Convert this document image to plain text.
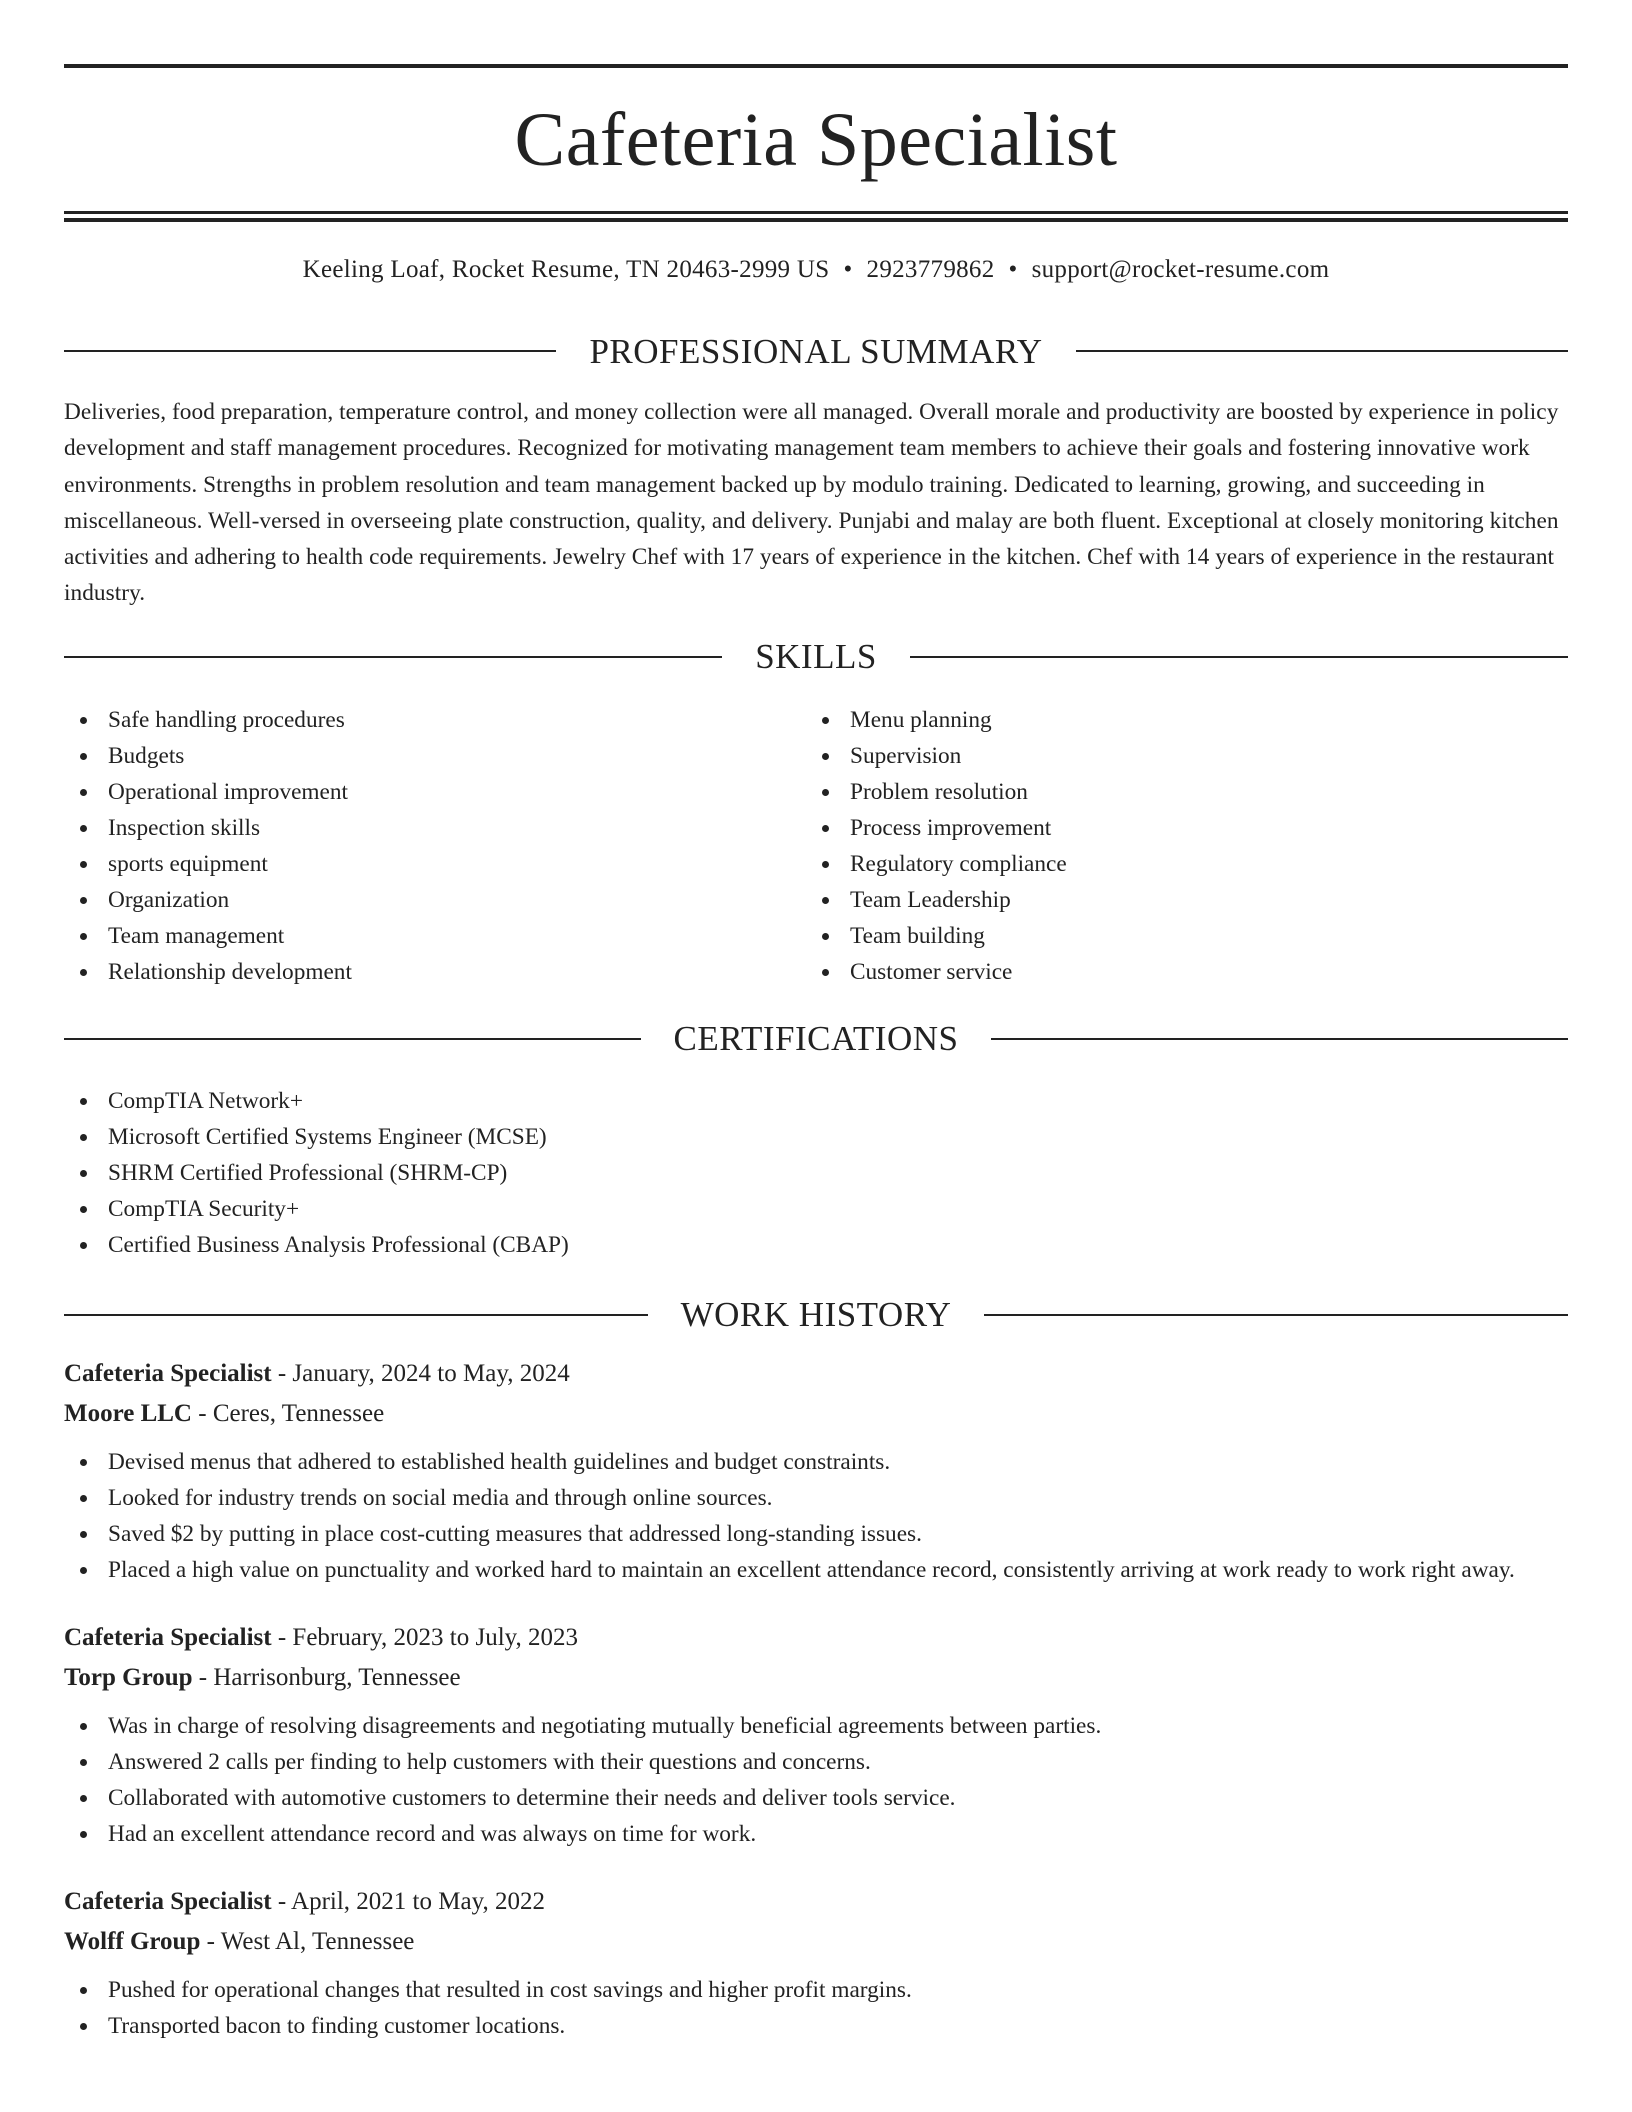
Cafeteria Specialist
Keeling Loaf, Rocket Resume, TN 20463-2999 US • 2923779862 • support@rocket-resume.com
PROFESSIONAL SUMMARY

Deliveries, food preparation, temperature control, and money collection were all managed. Overall morale and productivity are boosted by experience in policy development and staff management procedures. Recognized for motivating management team members to achieve their goals and fostering innovative work environments. Strengths in problem resolution and team management backed up by modulo training. Dedicated to learning, growing, and succeeding in miscellaneous. Well-versed in overseeing plate construction, quality, and delivery. Punjabi and malay are both fluent. Exceptional at closely monitoring kitchen activities and adhering to health code requirements. Jewelry Chef with 17 years of experience in the kitchen. Chef with 14 years of experience in the restaurant industry.

SKILLS
Safe handling procedures
Budgets
Operational improvement
Inspection skills
sports equipment
Organization
Team management
Relationship development
Menu planning
Supervision
Problem resolution
Process improvement
Regulatory compliance
Team Leadership
Team building
Customer service
CERTIFICATIONS
CompTIA Network+
Microsoft Certified Systems Engineer (MCSE)
SHRM Certified Professional (SHRM-CP)
CompTIA Security+
Certified Business Analysis Professional (CBAP)
WORK HISTORY
Cafeteria Specialist - January, 2024 to May, 2024
Moore LLC - Ceres, Tennessee
Devised menus that adhered to established health guidelines and budget constraints.
Looked for industry trends on social media and through online sources.
Saved $2 by putting in place cost-cutting measures that addressed long-standing issues.
Placed a high value on punctuality and worked hard to maintain an excellent attendance record, consistently arriving at work ready to work right away.
Cafeteria Specialist - February, 2023 to July, 2023
Torp Group - Harrisonburg, Tennessee
Was in charge of resolving disagreements and negotiating mutually beneficial agreements between parties.
Answered 2 calls per finding to help customers with their questions and concerns.
Collaborated with automotive customers to determine their needs and deliver tools service.
Had an excellent attendance record and was always on time for work.
Cafeteria Specialist - April, 2021 to May, 2022
Wolff Group - West Al, Tennessee
Pushed for operational changes that resulted in cost savings and higher profit margins.
Transported bacon to finding customer locations.
